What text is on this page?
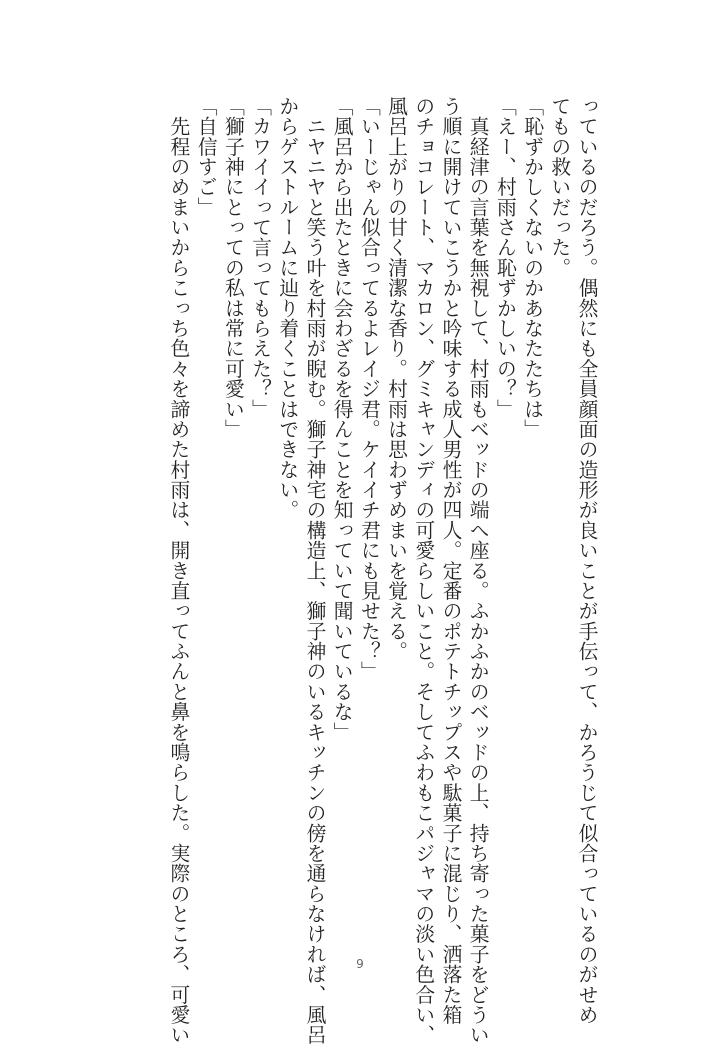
っているのだろう。偶然にも全員顔面の造形が良いことが手伝って、かろうじて似合っているのがせめ

てもの救いだった。

「恥ずかしくないのかあなたたちは」

「えー、村雨さん恥ずかしいの？」

　真経津の言葉を無視して、村雨もベッドの端へ座る。ふかふかのベッドの上、持ち寄った菓子をどうい

う順に開けていこうかと吟味する成人男性が四人。定番のポテトチップスや駄菓子に混じり、洒落た箱

のチョコレート、マカロン、グミキャンディの可愛らしいこと。そしてふわもこパジャマの淡い色合い、

風呂上がりの甘く清潔な香り。村雨は思わずめまいを覚える。

「いーじゃん似合ってるよレイジ君。ケイイチ君にも見せた？」

「風呂から出たときに会わざるを得んことを知っていて聞いているな」

　ニヤニヤと笑う叶を村雨が睨む。獅子神宅の構造上、獅子神のいるキッチンの傍を通らなければ、風呂

からゲストルームに辿り着くことはできない。

「カワイイって言ってもらえた？」

「獅子神にとっての私は常に可愛い」

「自信すご」

　先程のめまいからこっち色々を諦めた村雨は、開き直ってふんと鼻を鳴らした。実際のところ、可愛い	9
